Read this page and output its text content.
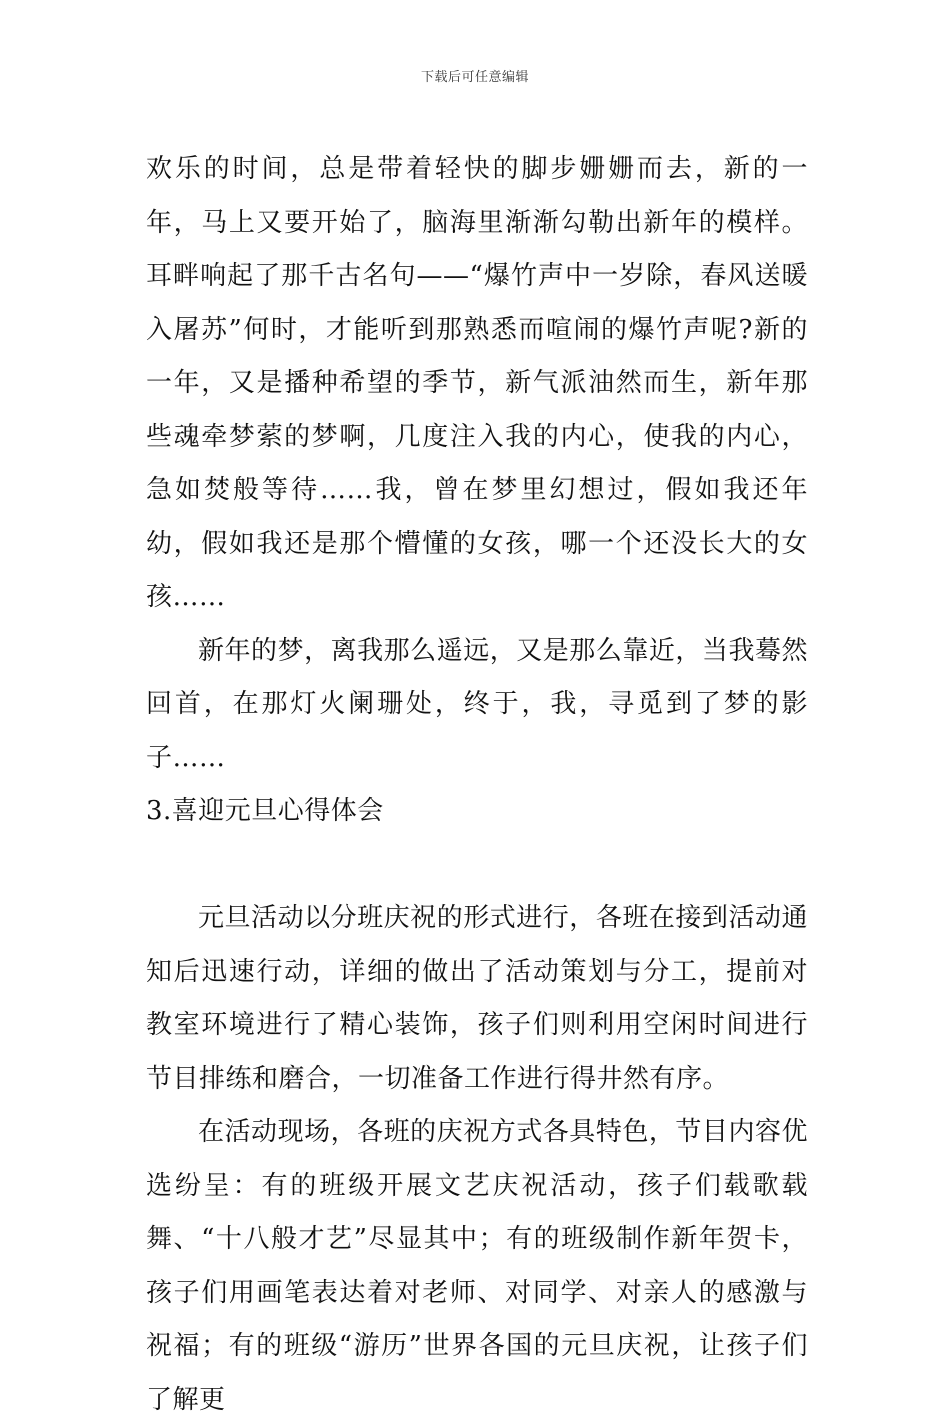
下载后可任意编辑

欢乐的时间，总是带着轻快的脚步姗姗而去，新的一年，马上又要开始了，脑海里渐渐勾勒出新年的模样。耳畔响起了那千古名句——“爆竹声中一岁除，春风送暖入屠苏”何时，才能听到那熟悉而喧闹的爆竹声呢?新的一年，又是播种希望的季节，新气派油然而生，新年那些魂牵梦萦的梦啊，几度注入我的内心，使我的内心，急如焚般等待……我，曾在梦里幻想过，假如我还年幼，假如我还是那个懵懂的女孩，哪一个还没长大的女孩……

新年的梦，离我那么遥远，又是那么靠近，当我蓦然回首，在那灯火阑珊处，终于，我，寻觅到了梦的影子……

3.喜迎元旦心得体会

元旦活动以分班庆祝的形式进行，各班在接到活动通知后迅速行动，详细的做出了活动策划与分工，提前对教室环境进行了精心装饰，孩子们则利用空闲时间进行节目排练和磨合，一切准备工作进行得井然有序。

在活动现场，各班的庆祝方式各具特色，节目内容优选纷呈：有的班级开展文艺庆祝活动，孩子们载歌载舞、“十八般才艺”尽显其中；有的班级制作新年贺卡，孩子们用画笔表达着对老师、对同学、对亲人的感激与祝福；有的班级“游历”世界各国的元旦庆祝，让孩子们了解更
